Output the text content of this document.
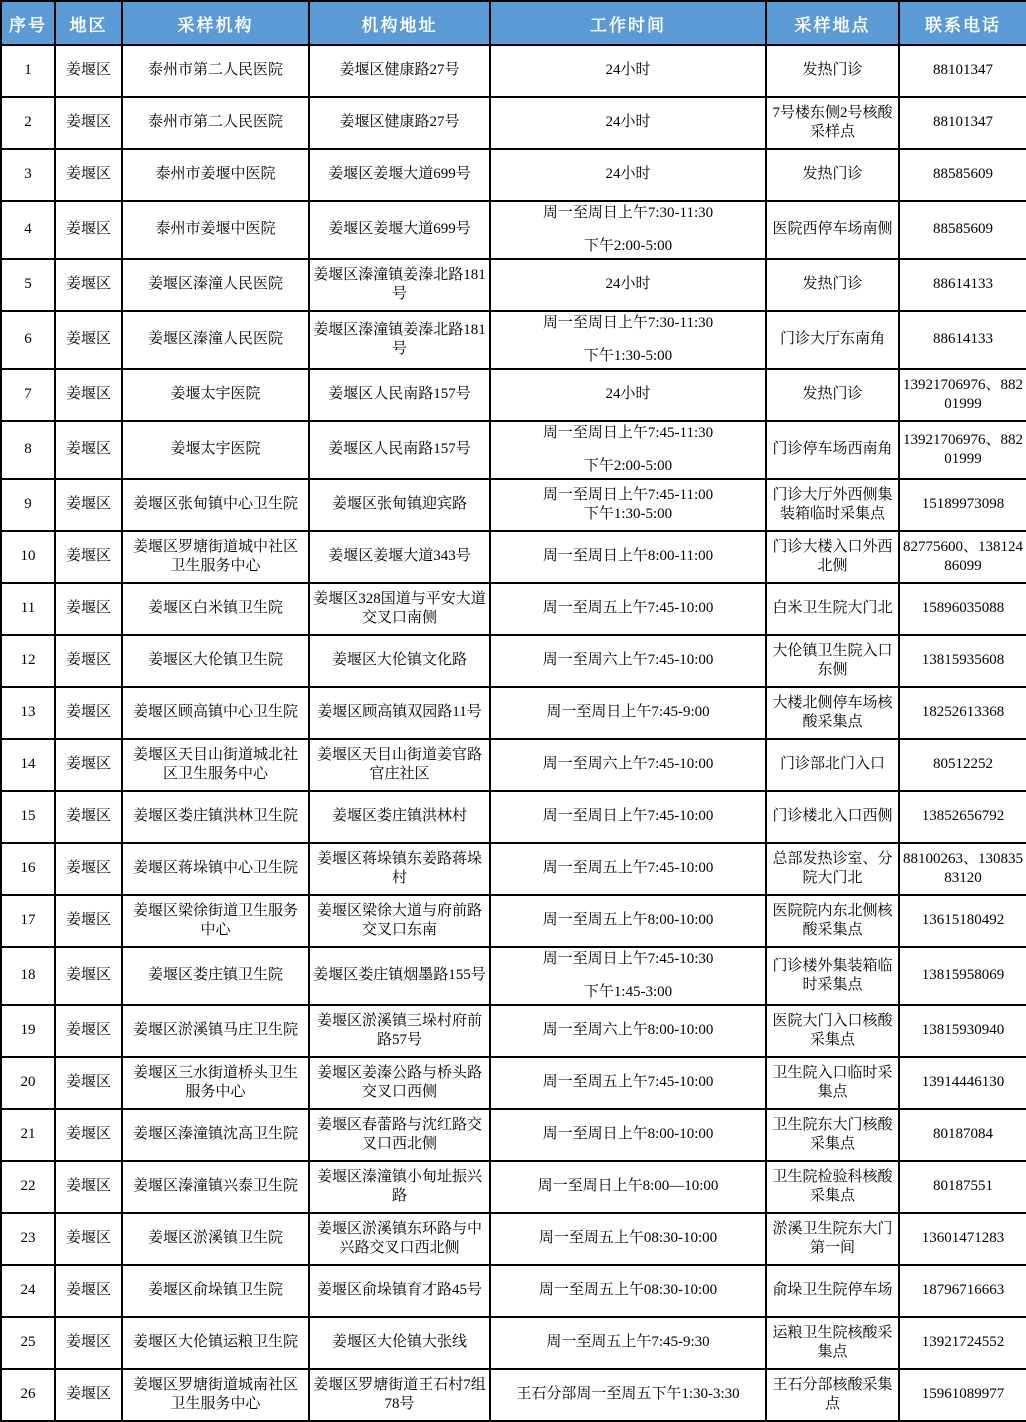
序号	地区	采样机构	机构地址	工作时间	采样地点	联系电话
1	姜堰区	泰州市第二人民医院	姜堰区健康路27号	24小时	发热门诊	88101347
2	姜堰区	泰州市第二人民医院	姜堰区健康路27号	24小时	7号楼东侧2号核酸采样点	88101347
3	姜堰区	泰州市姜堰中医院	姜堰区姜堰大道699号	24小时	发热门诊	88585609
4	姜堰区	泰州市姜堰中医院	姜堰区姜堰大道699号	周一至周日上午7:30-11:30
下午2:00-5:00	医院西停车场南侧	88585609
5	姜堰区	姜堰区溱潼人民医院	姜堰区溱潼镇姜溱北路181号	24小时	发热门诊	88614133
6	姜堰区	姜堰区溱潼人民医院	姜堰区溱潼镇姜溱北路181号	周一至周日上午7:30-11:30
下午1:30-5:00	门诊大厅东南角	88614133
7	姜堰区	姜堰太宇医院	姜堰区人民南路157号	24小时	发热门诊	13921706976、88201999
8	姜堰区	姜堰太宇医院	姜堰区人民南路157号	周一至周日上午7:45-11:30
下午2:00-5:00	门诊停车场西南角	13921706976、88201999
9	姜堰区	姜堰区张甸镇中心卫生院	姜堰区张甸镇迎宾路	周一至周日上午7:45-11:00
下午1:30-5:00	门诊大厅外西侧集装箱临时采集点	15189973098
10	姜堰区	姜堰区罗塘街道城中社区卫生服务中心	姜堰区姜堰大道343号	周一至周日上午8:00-11:00	门诊大楼入口外西北侧	82775600、13812486099
11	姜堰区	姜堰区白米镇卫生院	姜堰区328国道与平安大道交叉口南侧	周一至周五上午7:45-10:00	白米卫生院大门北	15896035088
12	姜堰区	姜堰区大伦镇卫生院	姜堰区大伦镇文化路	周一至周六上午7:45-10:00	大伦镇卫生院入口东侧	13815935608
13	姜堰区	姜堰区顾高镇中心卫生院	姜堰区顾高镇双园路11号	周一至周日上午7:45-9:00	大楼北侧停车场核酸采集点	18252613368
14	姜堰区	姜堰区天目山街道城北社区卫生服务中心	姜堰区天目山街道姜官路官庄社区	周一至周六上午7:45-10:00	门诊部北门入口	80512252
15	姜堰区	姜堰区娄庄镇洪林卫生院	姜堰区娄庄镇洪林村	周一至周日上午7:45-10:00	门诊楼北入口西侧	13852656792
16	姜堰区	姜堰区蒋垛镇中心卫生院	姜堰区蒋垛镇东姜路蒋垛村	周一至周五上午7:45-10:00	总部发热诊室、分院大门北	88100263、13083583120
17	姜堰区	姜堰区梁徐街道卫生服务中心	姜堰区梁徐大道与府前路交叉口东南	周一至周五上午8:00-10:00	医院院内东北侧核酸采集点	13615180492
18	姜堰区	姜堰区娄庄镇卫生院	姜堰区娄庄镇烟墨路155号	周一至周日上午7:45-10:30
下午1:45-3:00	门诊楼外集装箱临时采集点	13815958069
19	姜堰区	姜堰区淤溪镇马庄卫生院	姜堰区淤溪镇三垛村府前路57号	周一至周六上午8:00-10:00	医院大门入口核酸采集点	13815930940
20	姜堰区	姜堰区三水街道桥头卫生服务中心	姜堰区姜溱公路与桥头路交叉口西侧	周一至周五上午7:45-10:00	卫生院入口临时采集点	13914446130
21	姜堰区	姜堰区溱潼镇沈高卫生院	姜堰区春蕾路与沈红路交叉口西北侧	周一至周日上午8:00-10:00	卫生院东大门核酸采集点	80187084
22	姜堰区	姜堰区溱潼镇兴泰卫生院	姜堰区溱潼镇小甸址振兴路	周一至周日上午8:00—10:00	卫生院检验科核酸采集点	80187551
23	姜堰区	姜堰区淤溪镇卫生院	姜堰区淤溪镇东环路与中兴路交叉口西北侧	周一至周五上午08:30-10:00	淤溪卫生院东大门第一间	13601471283
24	姜堰区	姜堰区俞垛镇卫生院	姜堰区俞垛镇育才路45号	周一至周五上午08:30-10:00	俞垛卫生院停车场	18796716663
25	姜堰区	姜堰区大伦镇运粮卫生院	姜堰区大伦镇大张线	周一至周五上午7:45-9:30	运粮卫生院核酸采集点	13921724552
26	姜堰区	姜堰区罗塘街道城南社区卫生服务中心	姜堰区罗塘街道王石村7组78号	王石分部周一至周五下午1:30-3:30	王石分部核酸采集点	15961089977
